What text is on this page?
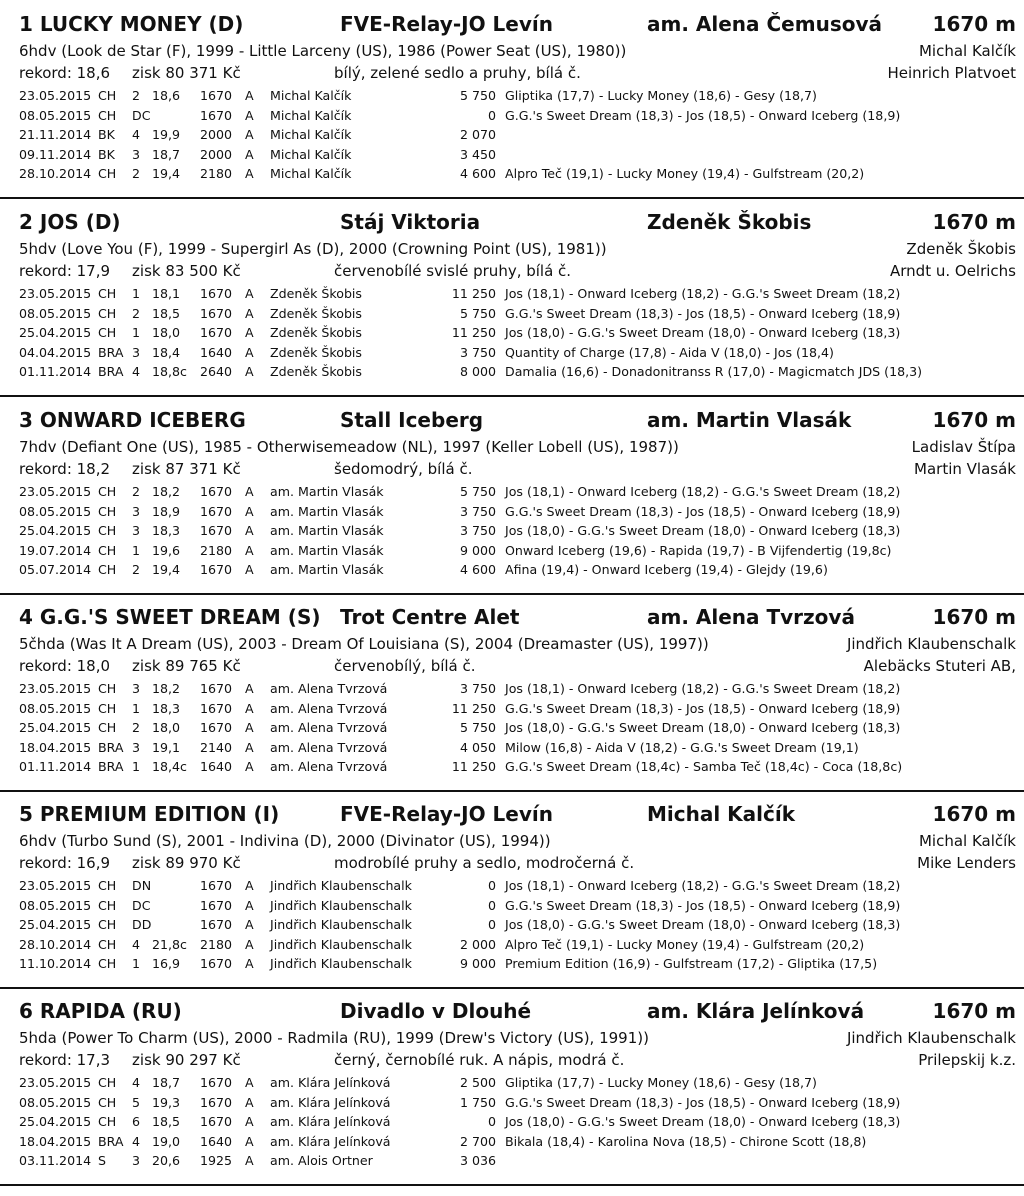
1 LUCKY MONEY (D)	FVE-Relay-JO Levín	am. Alena Čemusová	1670 m
6hdv (Look de Star (F), 1999 - Little Larceny (US), 1986 (Power Seat (US), 1980))	Michal Kalčík
rekord: 18,6 zisk 80 371 Kč	bílý, zelené sedlo a pruhy, bílá č.	Heinrich Platvoet
23.05.2015 CH 2 18,6 1670 A Michal Kalčík	5 750 Gliptika (17,7) - Lucky Money (18,6) - Gesy (18,7)
08.05.2015 CH DC	1670 A Michal Kalčík	0 G.G.'s Sweet Dream (18,3) - Jos (18,5) - Onward Iceberg (18,9)
21.11.2014 BK 4 19,9 2000 A Michal Kalčík	2 070
09.11.2014 BK 3 18,7 2000 A Michal Kalčík	3 450
28.10.2014 CH 2 19,4 2180 A Michal Kalčík	4 600 Alpro Teč (19,1) - Lucky Money (19,4) - Gulfstream (20,2)
2 JOS (D)	Stáj Viktoria	Zdeněk Škobis	1670 m
5hdv (Love You (F), 1999 - Supergirl As (D), 2000 (Crowning Point (US), 1981))	Zdeněk Škobis
rekord: 17,9 zisk 83 500 Kč	červenobílé svislé pruhy, bílá č.	Arndt u. Oelrichs
23.05.2015 CH 1 18,1 1670 A Zdeněk Škobis	11 250 Jos (18,1) - Onward Iceberg (18,2) - G.G.'s Sweet Dream (18,2)
08.05.2015 CH 2 18,5 1670 A Zdeněk Škobis	5 750 G.G.'s Sweet Dream (18,3) - Jos (18,5) - Onward Iceberg (18,9)
25.04.2015 CH 1 18,0 1670 A Zdeněk Škobis	11 250 Jos (18,0) - G.G.'s Sweet Dream (18,0) - Onward Iceberg (18,3)
04.04.2015 BRA 3 18,4 1640 A Zdeněk Škobis	3 750 Quantity of Charge (17,8) - Aida V (18,0) - Jos (18,4)
01.11.2014 BRA 4 18,8c 2640 A Zdeněk Škobis	8 000 Damalia (16,6) - Donadonitranss R (17,0) - Magicmatch JDS (18,3)
3 ONWARD ICEBERG	Stall Iceberg	am. Martin Vlasák	1670 m
7hdv (Defiant One (US), 1985 - Otherwisemeadow (NL), 1997 (Keller Lobell (US), 1987))	Ladislav Štípa
rekord: 18,2 zisk 87 371 Kč	šedomodrý, bílá č.	Martin Vlasák
23.05.2015 CH 2 18,2 1670 A am. Martin Vlasák	5 750 Jos (18,1) - Onward Iceberg (18,2) - G.G.'s Sweet Dream (18,2)
08.05.2015 CH 3 18,9 1670 A am. Martin Vlasák	3 750 G.G.'s Sweet Dream (18,3) - Jos (18,5) - Onward Iceberg (18,9)
25.04.2015 CH 3 18,3 1670 A am. Martin Vlasák	3 750 Jos (18,0) - G.G.'s Sweet Dream (18,0) - Onward Iceberg (18,3)
19.07.2014 CH 1 19,6 2180 A am. Martin Vlasák	9 000 Onward Iceberg (19,6) - Rapida (19,7) - B Vijfendertig (19,8c)
05.07.2014 CH 2 19,4 1670 A am. Martin Vlasák	4 600 Afina (19,4) - Onward Iceberg (19,4) - Glejdy (19,6)
4 G.G.'S SWEET DREAM (S) Trot Centre Alet	am. Alena Tvrzová	1670 m
5čhda (Was It A Dream (US), 2003 - Dream Of Louisiana (S), 2004 (Dreamaster (US), 1997))	Jindřich Klaubenschalk
rekord: 18,0 zisk 89 765 Kč	červenobílý, bílá č.	Alebäcks Stuteri AB,
23.05.2015 CH 3 18,2 1670 A am. Alena Tvrzová	3 750 Jos (18,1) - Onward Iceberg (18,2) - G.G.'s Sweet Dream (18,2)
08.05.2015 CH 1 18,3 1670 A am. Alena Tvrzová	11 250 G.G.'s Sweet Dream (18,3) - Jos (18,5) - Onward Iceberg (18,9)
25.04.2015 CH 2 18,0 1670 A am. Alena Tvrzová	5 750 Jos (18,0) - G.G.'s Sweet Dream (18,0) - Onward Iceberg (18,3)
18.04.2015 BRA 3 19,1 2140 A am. Alena Tvrzová	4 050 Milow (16,8) - Aida V (18,2) - G.G.'s Sweet Dream (19,1)
01.11.2014 BRA 1 18,4c 1640 A am. Alena Tvrzová	11 250 G.G.'s Sweet Dream (18,4c) - Samba Teč (18,4c) - Coca (18,8c)
5 PREMIUM EDITION (I)	FVE-Relay-JO Levín	Michal Kalčík	1670 m
6hdv (Turbo Sund (S), 2001 - Indivina (D), 2000 (Divinator (US), 1994))	Michal Kalčík
rekord: 16,9 zisk 89 970 Kč	modrobílé pruhy a sedlo, modročerná č.	Mike Lenders
23.05.2015 CH DN	1670 A Jindřich Klaubenschalk	0 Jos (18,1) - Onward Iceberg (18,2) - G.G.'s Sweet Dream (18,2)
08.05.2015 CH DC	1670 A Jindřich Klaubenschalk	0 G.G.'s Sweet Dream (18,3) - Jos (18,5) - Onward Iceberg (18,9)
25.04.2015 CH DD	1670 A Jindřich Klaubenschalk	0 Jos (18,0) - G.G.'s Sweet Dream (18,0) - Onward Iceberg (18,3)
28.10.2014 CH 4 21,8c 2180 A Jindřich Klaubenschalk	2 000 Alpro Teč (19,1) - Lucky Money (19,4) - Gulfstream (20,2)
11.10.2014 CH 1 16,9 1670 A Jindřich Klaubenschalk	9 000 Premium Edition (16,9) - Gulfstream (17,2) - Gliptika (17,5)
6 RAPIDA (RU)	Divadlo v Dlouhé	am. Klára Jelínková	1670 m
5hda (Power To Charm (US), 2000 - Radmila (RU), 1999 (Drew's Victory (US), 1991))	Jindřich Klaubenschalk
rekord: 17,3 zisk 90 297 Kč	černý, černobílé ruk. A nápis, modrá č.	Prilepskij k.z.
23.05.2015 CH 4 18,7 1670 A am. Klára Jelínková	2 500 Gliptika (17,7) - Lucky Money (18,6) - Gesy (18,7)
08.05.2015 CH 5 19,3 1670 A am. Klára Jelínková	1 750 G.G.'s Sweet Dream (18,3) - Jos (18,5) - Onward Iceberg (18,9)
25.04.2015 CH 6 18,5 1670 A am. Klára Jelínková	0 Jos (18,0) - G.G.'s Sweet Dream (18,0) - Onward Iceberg (18,3)
18.04.2015 BRA 4 19,0 1640 A am. Klára Jelínková	2 700 Bikala (18,4) - Karolina Nova (18,5) - Chirone Scott (18,8)
03.11.2014 S 3 20,6 1925 A am. Alois Ortner	3 036
